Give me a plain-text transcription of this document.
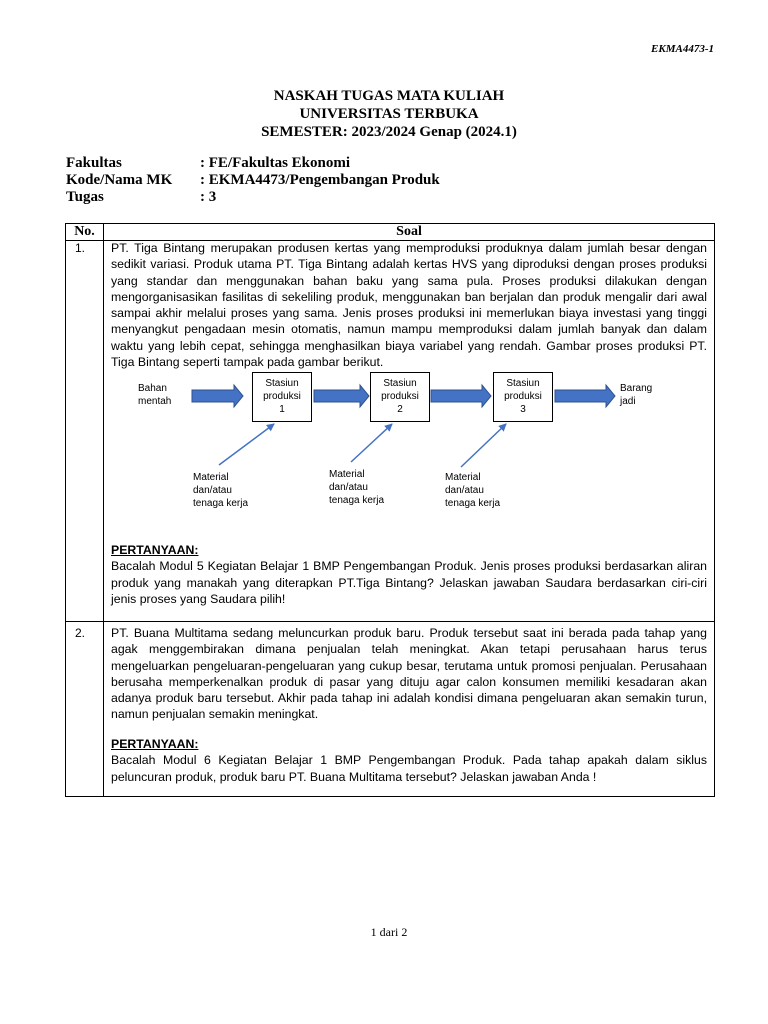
EKMA4473-1
NASKAH TUGAS MATA KULIAH
UNIVERSITAS TERBUKA
SEMESTER: 2023/2024 Genap (2024.1)
Fakultas	: FE/Fakultas Ekonomi
Kode/Nama MK	: EKMA4473/Pengembangan Produk
Tugas	: 3
No.	Soal
1. PT. Tiga Bintang merupakan produsen kertas yang memproduksi produknya dalam jumlah besar dengan sedikit variasi. Produk utama PT. Tiga Bintang adalah kertas HVS yang diproduksi dengan proses produksi yang standar dan menggunakan bahan baku yang sama pula. Proses produksi dilakukan dengan mengorganisasikan fasilitas di sekeliling produk, menggunakan ban berjalan dan produk mengalir dari awal sampai akhir melalui proses yang sama. Jenis proses produksi ini memerlukan biaya investasi yang tinggi menyangkut pengadaan mesin otomatis, namun mampu memproduksi dalam jumlah banyak dan dalam waktu yang lebih cepat, sehingga menghasilkan biaya variabel yang rendah. Gambar proses produksi PT. Tiga Bintang seperti tampak pada gambar berikut.
PERTANYAAN:
Bacalah Modul 5 Kegiatan Belajar 1 BMP Pengembangan Produk. Jenis proses produksi berdasarkan aliran produk yang manakah yang diterapkan PT.Tiga Bintang? Jelaskan jawaban Saudara berdasarkan ciri-ciri jenis proses yang Saudara pilih!
2. PT. Buana Multitama sedang meluncurkan produk baru. Produk tersebut saat ini berada pada tahap yang agak menggembirakan dimana penjualan telah meningkat. Akan tetapi perusahaan harus terus mengeluarkan pengeluaran-pengeluaran yang cukup besar, terutama untuk promosi penjualan. Perusahaan berusaha memperkenalkan produk di pasar yang dituju agar calon konsumen memiliki kesadaran akan adanya produk baru tersebut. Akhir pada tahap ini adalah kondisi dimana pengeluaran akan semakin turun, namun penjualan semakin meningkat.
PERTANYAAN:
Bacalah Modul 6 Kegiatan Belajar 1 BMP Pengembangan Produk. Pada tahap apakah dalam siklus peluncuran produk, produk baru PT. Buana Multitama tersebut? Jelaskan jawaban Anda !
Bahan
mentah
Stasiun
produksi
1
Stasiun
produksi
2
Stasiun
produksi
3
Barang
jadi
Material
dan/atau
tenaga kerja
Material
dan/atau
tenaga kerja
Material
dan/atau
tenaga kerja
1 dari 2
